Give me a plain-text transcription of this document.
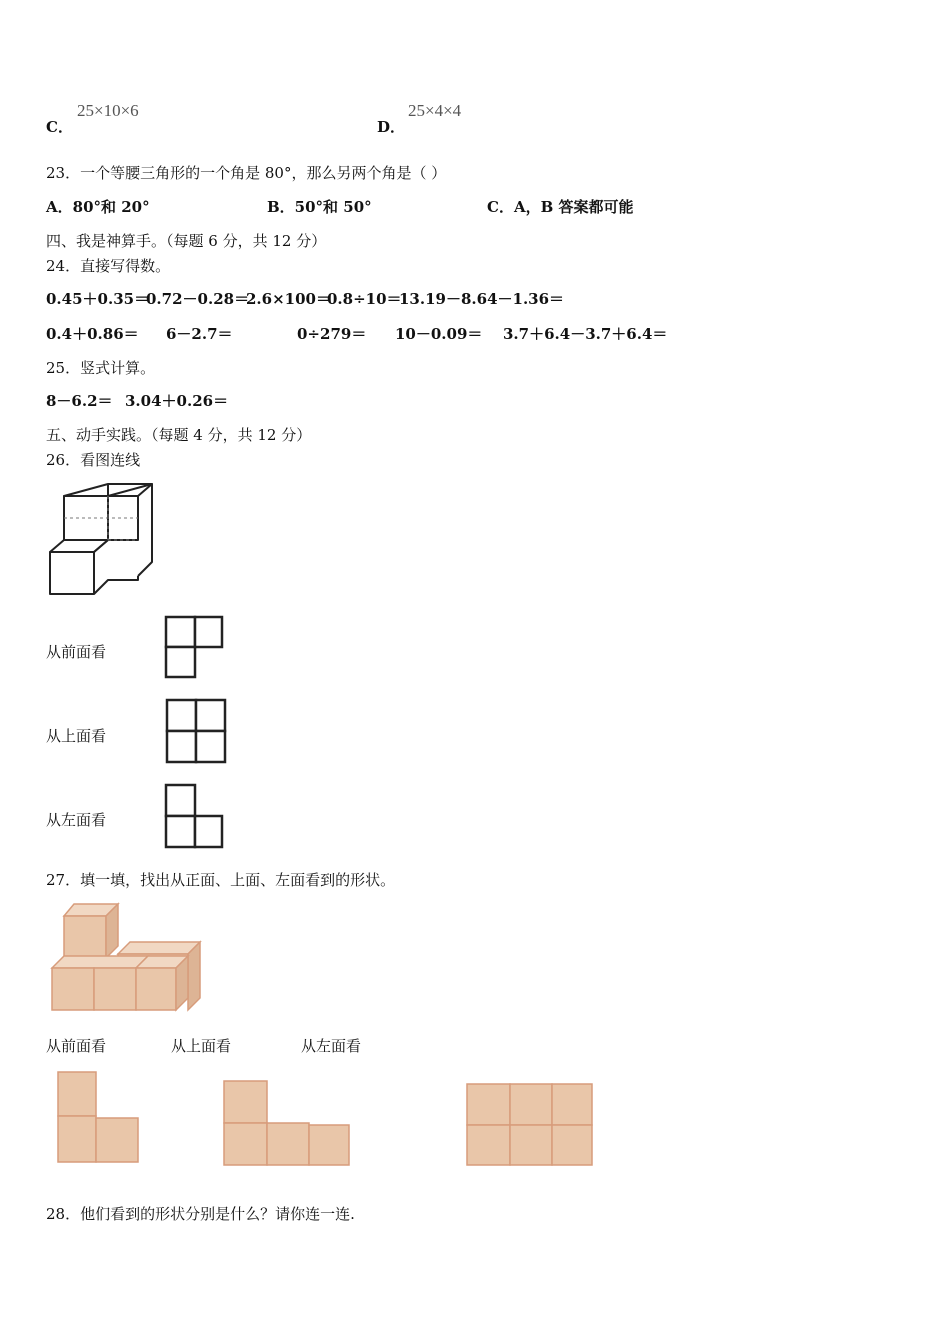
C．
25×10×6
D．
25×4×4
23．一个等腰三角形的一个角是 80°，那么另两个角是（ ）
A．80°和 20°	B．50°和 50°	C．A，B 答案都可能
四、我是神算手。（每题 6 分，共 12 分）
24．直接写得数。
0.45＋0.35＝
0.72－0.28＝
2.6×100＝
0.8÷10＝
13.19－8.64－1.36＝
0.4＋0.86＝ 6－2.7＝	0÷279＝ 10－0.09＝ 3.7＋6.4－3.7＋6.4＝
25．竖式计算。
8－6.2＝ 3.04＋0.26＝
五、动手实践。（每题 4 分，共 12 分）
26．看图连线
从前面看
从上面看
从左面看
27．填一填，找出从正面、上面、左面看到的形状。
从前面看	从上面看	从左面看
28．他们看到的形状分别是什么？请你连一连.
